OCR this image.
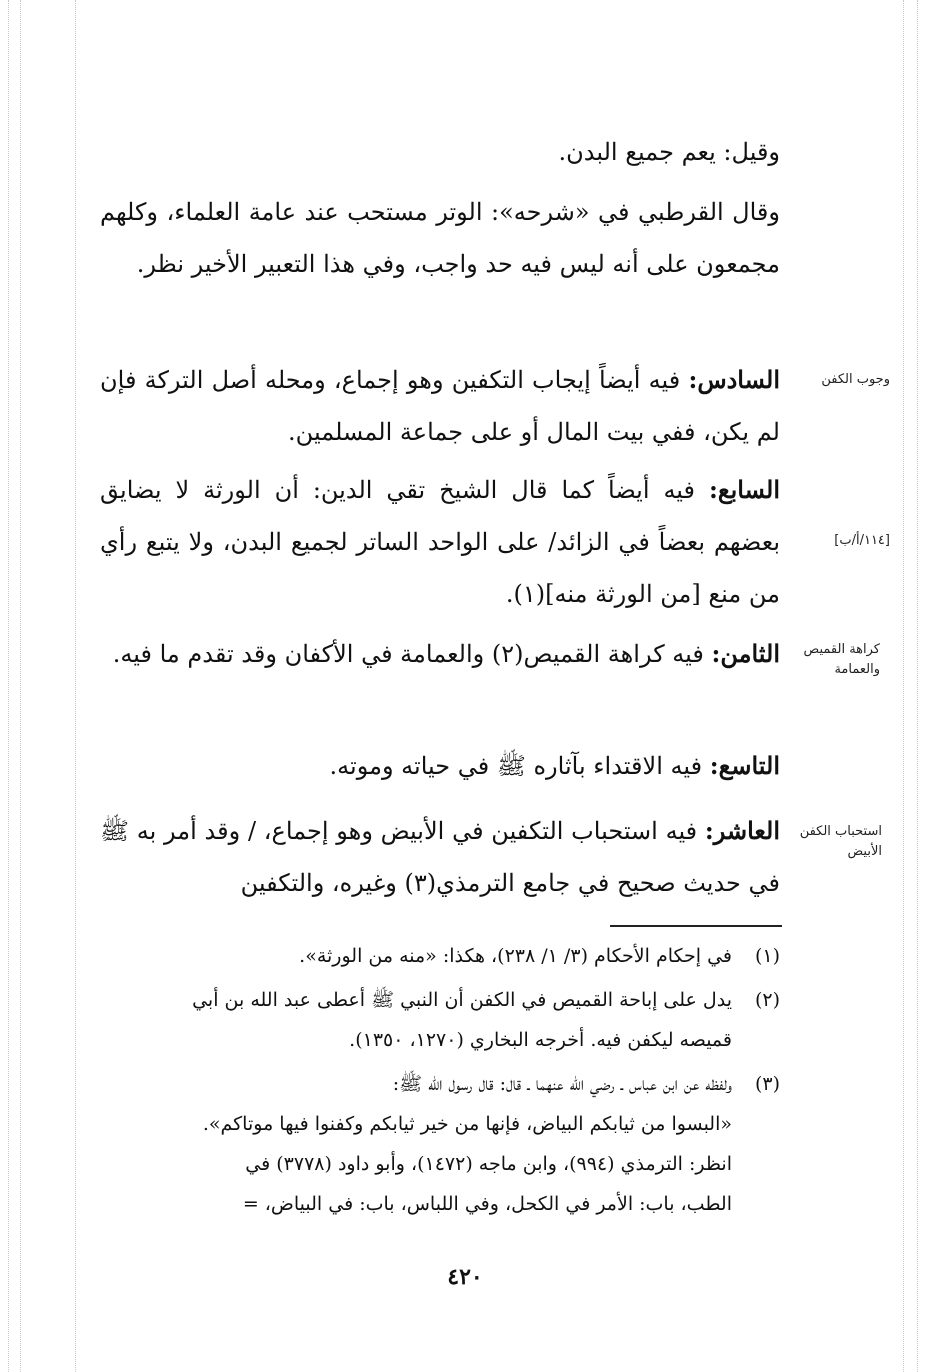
وقيل: يعم جميع البدن.
وقال القرطبي في «شرحه»: الوتر مستحب عند عامة العلماء، وكلهم مجمعون على أنه ليس فيه حد واجب، وفي هذا التعبير الأخير نظر.
وجوب الكفن
السادس: فيه أيضاً إيجاب التكفين وهو إجماع، ومحله أصل التركة فإن لم يكن، ففي بيت المال أو على جماعة المسلمين.
[١١٤/أ/ب]
السابع: فيه أيضاً كما قال الشيخ تقي الدين: أن الورثة لا يضايق بعضهم بعضاً في الزائد/ على الواحد الساتر لجميع البدن، ولا يتبع رأي من منع [من الورثة منه](١).
كراهة القميص والعمامة
الثامن: فيه كراهة القميص(٢) والعمامة في الأكفان وقد تقدم ما فيه.
التاسع: فيه الاقتداء بآثاره ﷺ في حياته وموته.
استحباب الكفن الأبيض
العاشر: فيه استحباب التكفين في الأبيض وهو إجماع، / وقد أمر به ﷺ في حديث صحيح في جامع الترمذي(٣) وغيره، والتكفين
(١)في إحكام الأحكام (٣/ ١/ ٢٣٨)، هكذا: «منه من الورثة».
(٢)يدل على إباحة القميص في الكفن أن النبي ﷺ أعطى عبد الله بن أبي
قميصه ليكفن فيه. أخرجه البخاري (١٢٧٠، ١٣٥٠).
(٣)ولفظه عن ابن عباس ـ رضي الله عنهما ـ قال: قال رسول الله ﷺ:
«البسوا من ثيابكم البياض، فإنها من خير ثيابكم وكفنوا فيها موتاكم».
انظر: الترمذي (٩٩٤)، وابن ماجه (١٤٧٢)، وأبو داود (٣٧٧٨) في
الطب، باب: الأمر في الكحل، وفي اللباس، باب: في البياض، =
٤٢٠
